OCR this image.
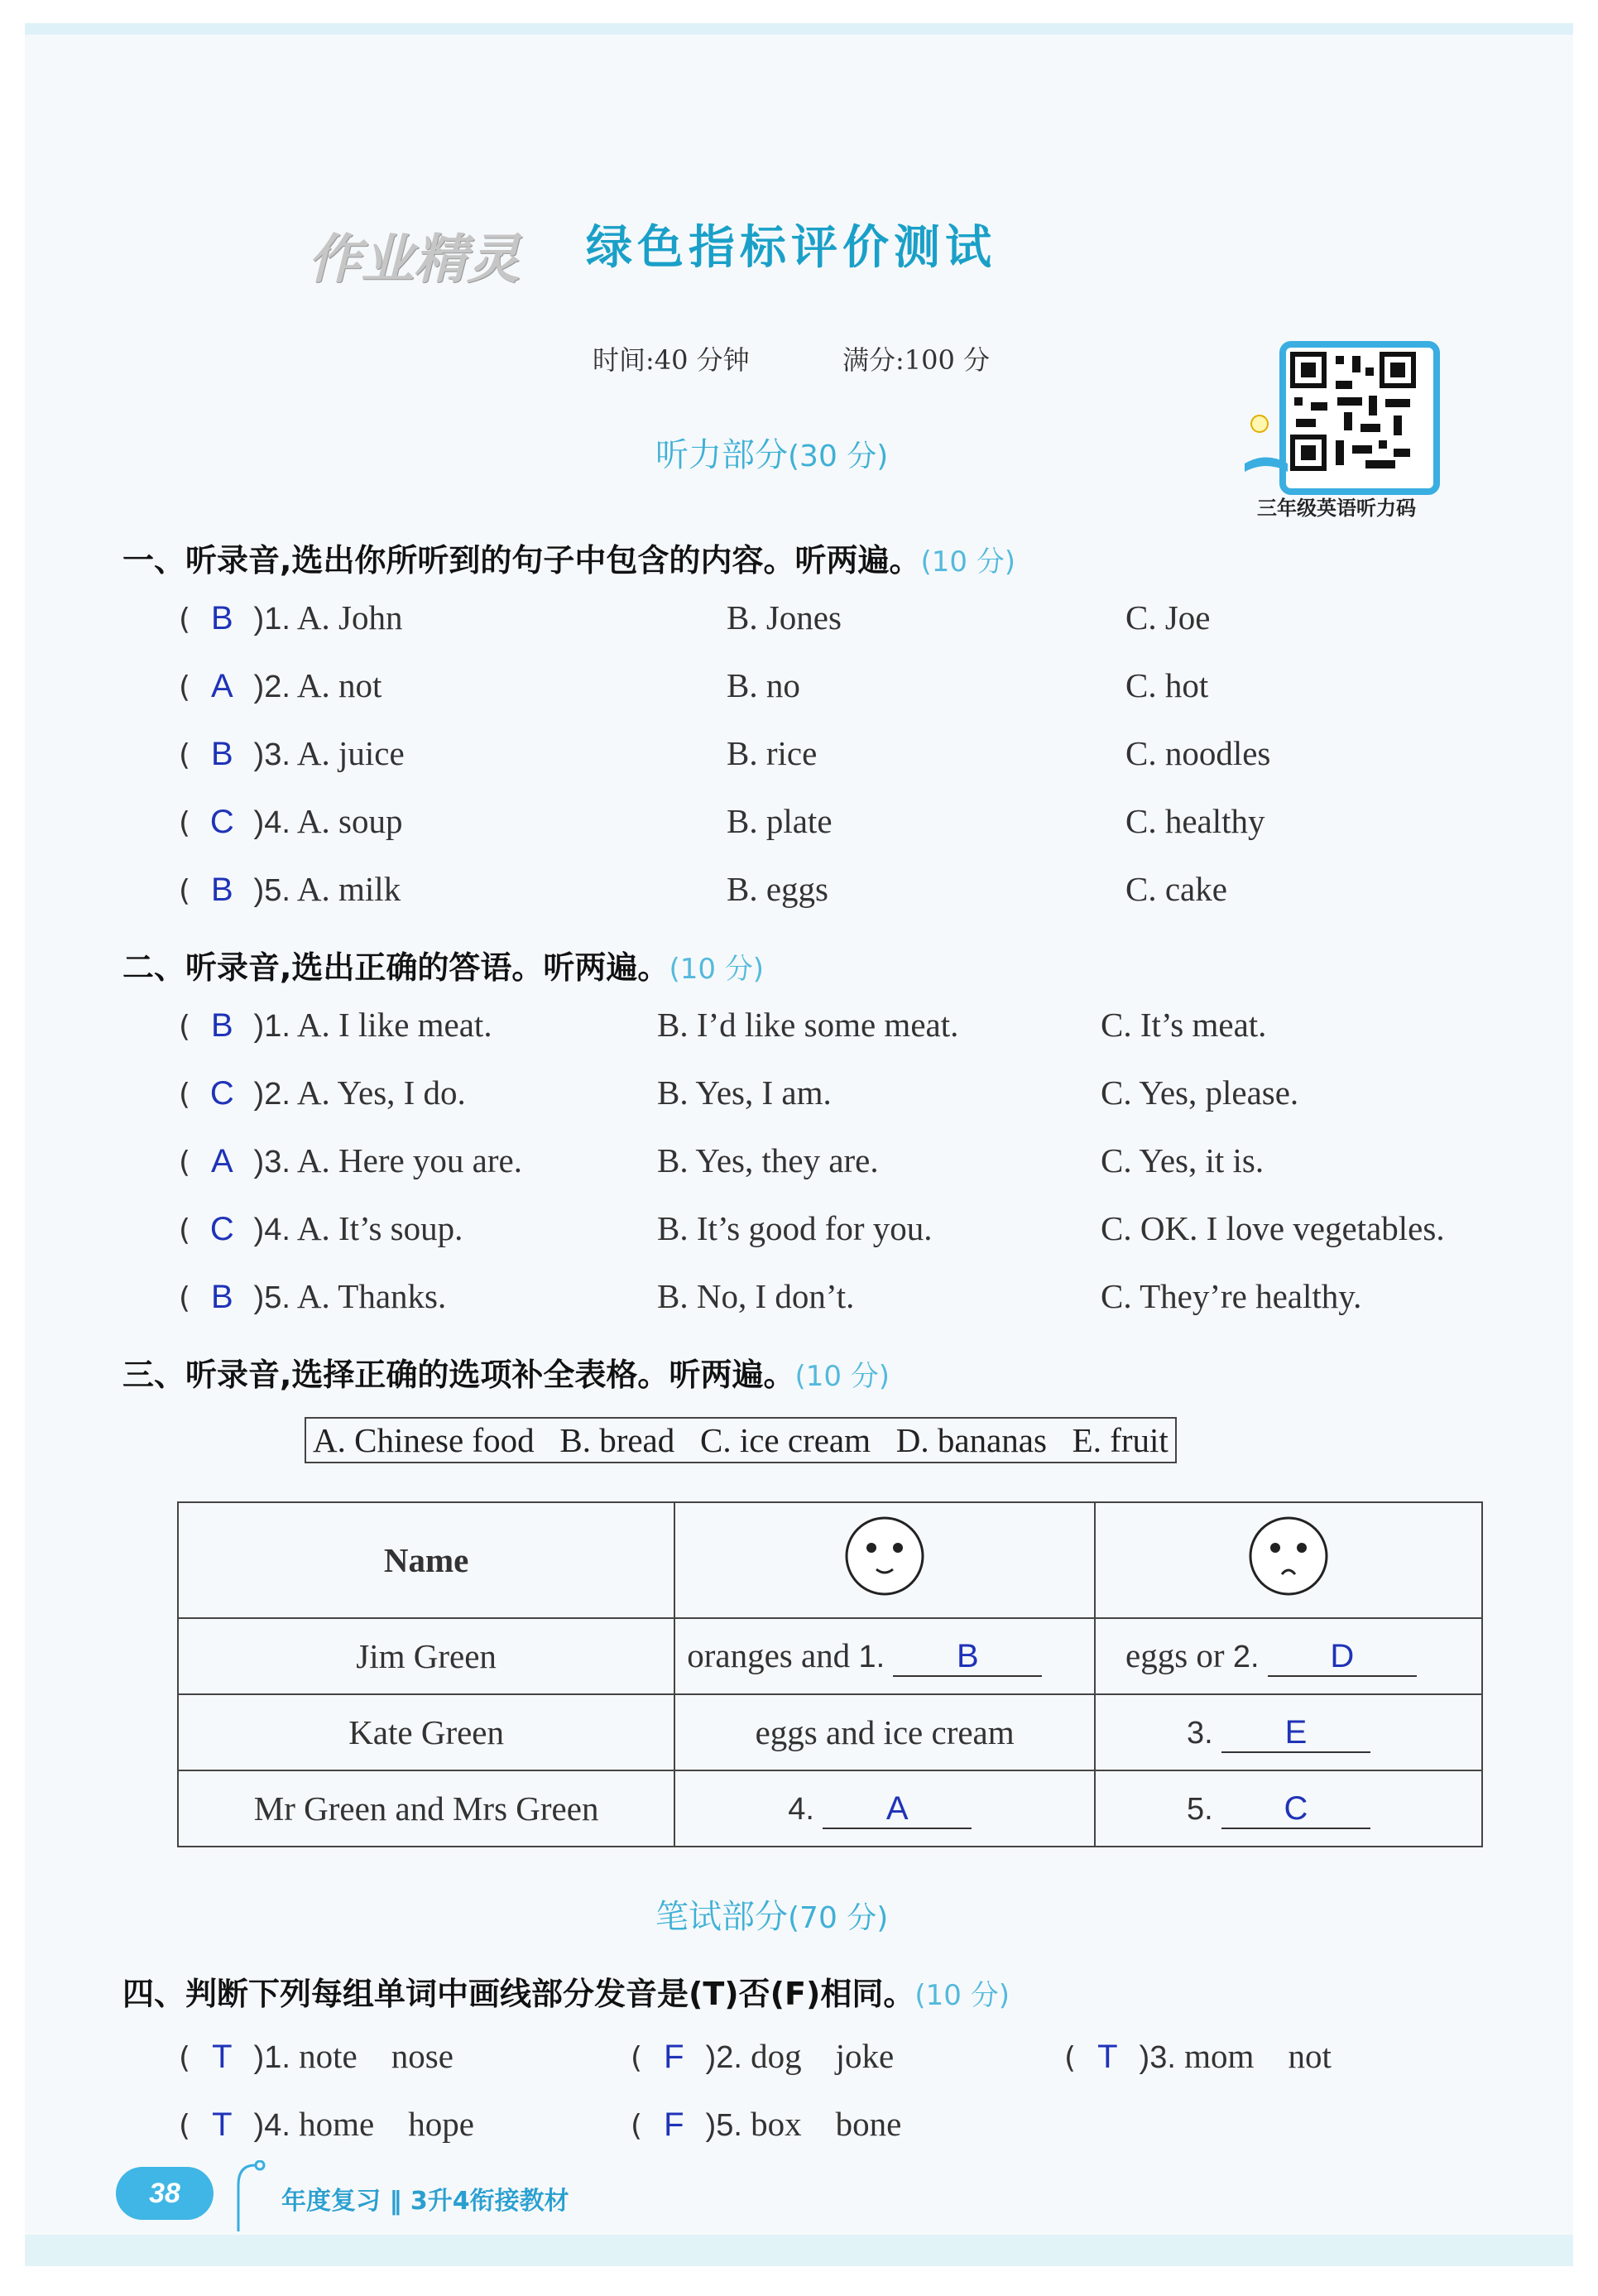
作业精灵 绿色指标评价测试
时间:40 分钟	满分:100 分
三年级英语听力码
听力部分(30 分)
一、听录音,选出你所听到的句子中包含的内容。听两遍。(10 分)
( B )1. A. John	B. Jones	C. Joe
( A )2. A. not	B. no	C. hot
( B )3. A. juice	B. rice	C. noodles
( C )4. A. soup	B. plate	C. healthy
( B )5. A. milk	B. eggs	C. cake
二、听录音,选出正确的答语。听两遍。(10 分)
( B )1. A. I like meat.	B. I’d like some meat.	C. It’s meat.
( C )2. A. Yes, I do.	B. Yes, I am.	C. Yes, please.
( A )3. A. Here you are.	B. Yes, they are.	C. Yes, it is.
( C )4. A. It’s soup.	B. It’s good for you.	C. OK. I love vegetables.
( B )5. A. Thanks.	B. No, I don’t.	C. They’re healthy.
三、听录音,选择正确的选项补全表格。听两遍。(10 分)
A. Chinese food   B. bread   C. ice cream   D. bananas   E. fruit
Name		
Jim Green	oranges and 1. B	eggs or 2. D
Kate Green	eggs and ice cream	3. E
Mr Green and Mrs Green	4. A	5. C
笔试部分(70 分)
四、判断下列每组单词中画线部分发音是(T)否(F)相同。(10 分)
( T )1. note nose	( F )2. dog joke	( T )3. mom not
( T )4. home hope	( F )5. box bone
38	年度复习 ‖ 3升4衔接教材
